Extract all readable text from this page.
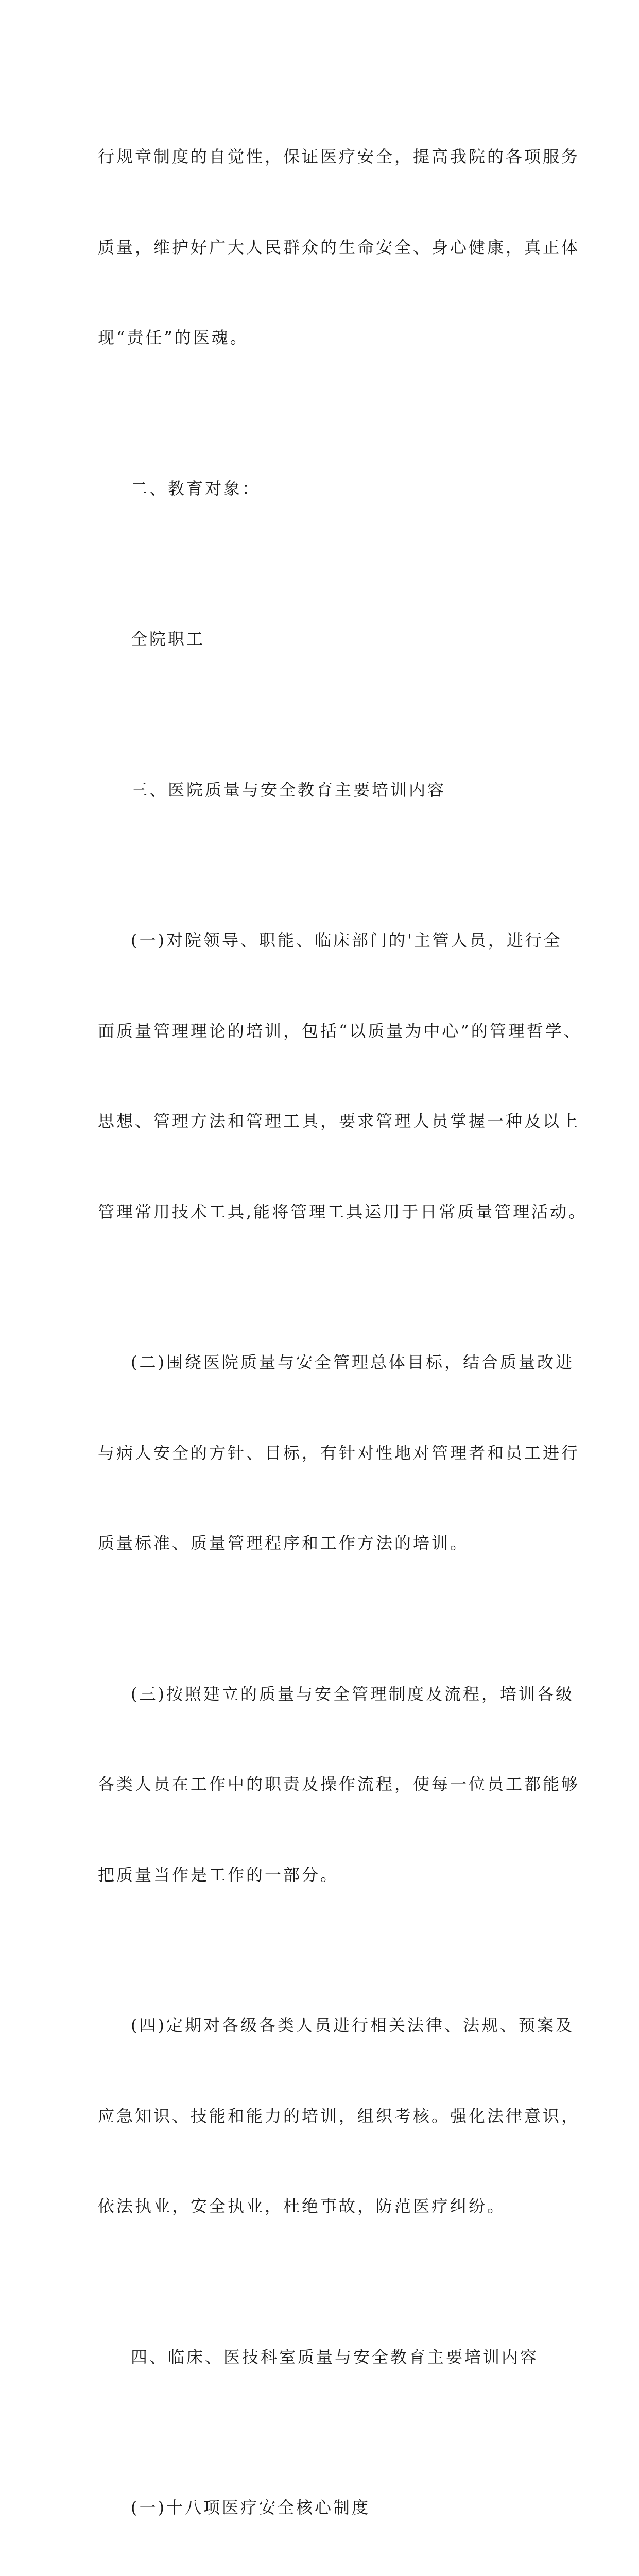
行规章制度的自觉性，保证医疗安全，提高我院的各项服务

质量，维护好广大人民群众的生命安全、身心健康，真正体

现“责任”的医魂。

二、教育对象：

全院职工

三、医院质量与安全教育主要培训内容

(一)对院领导、职能、临床部门的'主管人员，进行全

面质量管理理论的培训，包括“以质量为中心”的管理哲学、

思想、管理方法和管理工具，要求管理人员掌握一种及以上

管理常用技术工具,能将管理工具运用于日常质量管理活动。

(二)围绕医院质量与安全管理总体目标，结合质量改进

与病人安全的方针、目标，有针对性地对管理者和员工进行

质量标准、质量管理程序和工作方法的培训。

(三)按照建立的质量与安全管理制度及流程，培训各级

各类人员在工作中的职责及操作流程，使每一位员工都能够

把质量当作是工作的一部分。

(四)定期对各级各类人员进行相关法律、法规、预案及

应急知识、技能和能力的培训，组织考核。强化法律意识，

依法执业，安全执业，杜绝事故，防范医疗纠纷。

四、临床、医技科室质量与安全教育主要培训内容

(一)十八项医疗安全核心制度
